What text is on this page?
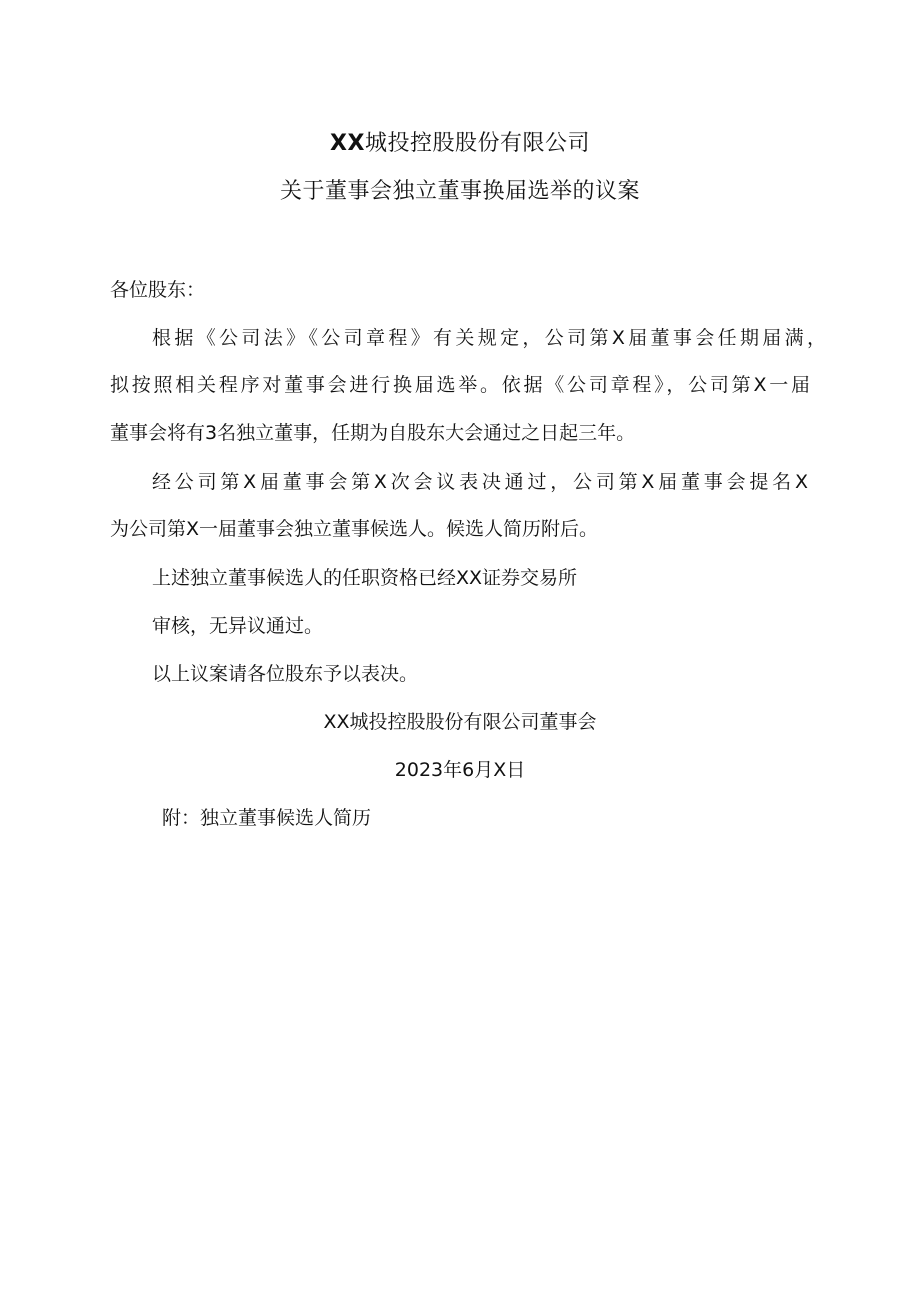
XX城投控股股份有限公司
关于董事会独立董事换届选举的议案
各位股东：
根据《公司法》《公司章程》有关规定，公司第X届董事会任期届满，
拟按照相关程序对董事会进行换届选举。依据《公司章程》，公司第X一届
董事会将有3名独立董事，任期为自股东大会通过之日起三年。
经公司第X届董事会第X次会议表决通过，公司第X届董事会提名X
为公司第X一届董事会独立董事候选人。候选人简历附后。
上述独立董事候选人的任职资格已经XX证券交易所
审核，无异议通过。
以上议案请各位股东予以表决。
XX城投控股股份有限公司董事会
2023年6月X日
附：独立董事候选人简历
